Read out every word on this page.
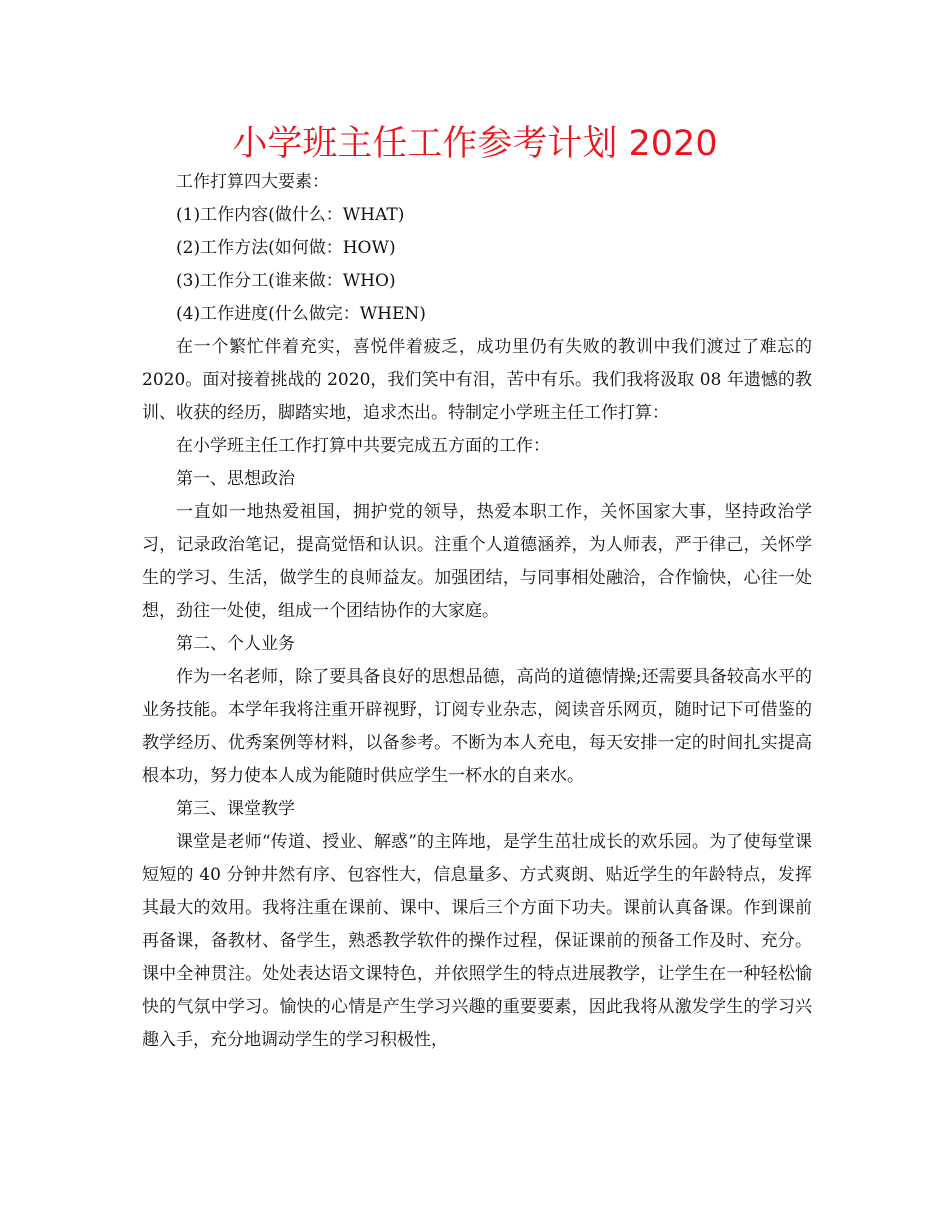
小学班主任工作参考计划 2020
工作打算四大要素：
(1)工作内容(做什么：WHAT)
(2)工作方法(如何做：HOW)
(3)工作分工(谁来做：WHO)
(4)工作进度(什么做完：WHEN)

在一个繁忙伴着充实，喜悦伴着疲乏，成功里仍有失败的教训中我们渡过了难忘的 2020。面对接着挑战的 2020，我们笑中有泪，苦中有乐。我们我将汲取 08 年遗憾的教训、收获的经历，脚踏实地，追求杰出。特制定小学班主任工作打算：

在小学班主任工作打算中共要完成五方面的工作：

第一、思想政治

一直如一地热爱祖国，拥护党的领导，热爱本职工作，关怀国家大事，坚持政治学习，记录政治笔记，提高觉悟和认识。注重个人道德涵养，为人师表，严于律己，关怀学生的学习、生活，做学生的良师益友。加强团结，与同事相处融洽，合作愉快，心往一处想，劲往一处使，组成一个团结协作的大家庭。

第二、个人业务

作为一名老师，除了要具备良好的思想品德，高尚的道德情操;还需要具备较高水平的业务技能。本学年我将注重开辟视野，订阅专业杂志，阅读音乐网页，随时记下可借鉴的教学经历、优秀案例等材料，以备参考。不断为本人充电，每天安排一定的时间扎实提高根本功，努力使本人成为能随时供应学生一杯水的自来水。

第三、课堂教学

课堂是老师“传道、授业、解惑”的主阵地，是学生茁壮成长的欢乐园。为了使每堂课短短的 40 分钟井然有序、包容性大，信息量多、方式爽朗、贴近学生的年龄特点，发挥其最大的效用。我将注重在课前、课中、课后三个方面下功夫。课前认真备课。作到课前再备课，备教材、备学生，熟悉教学软件的操作过程，保证课前的预备工作及时、充分。课中全神贯注。处处表达语文课特色，并依照学生的特点进展教学，让学生在一种轻松愉快的气氛中学习。愉快的心情是产生学习兴趣的重要要素，因此我将从激发学生的学习兴趣入手，充分地调动学生的学习积极性，
